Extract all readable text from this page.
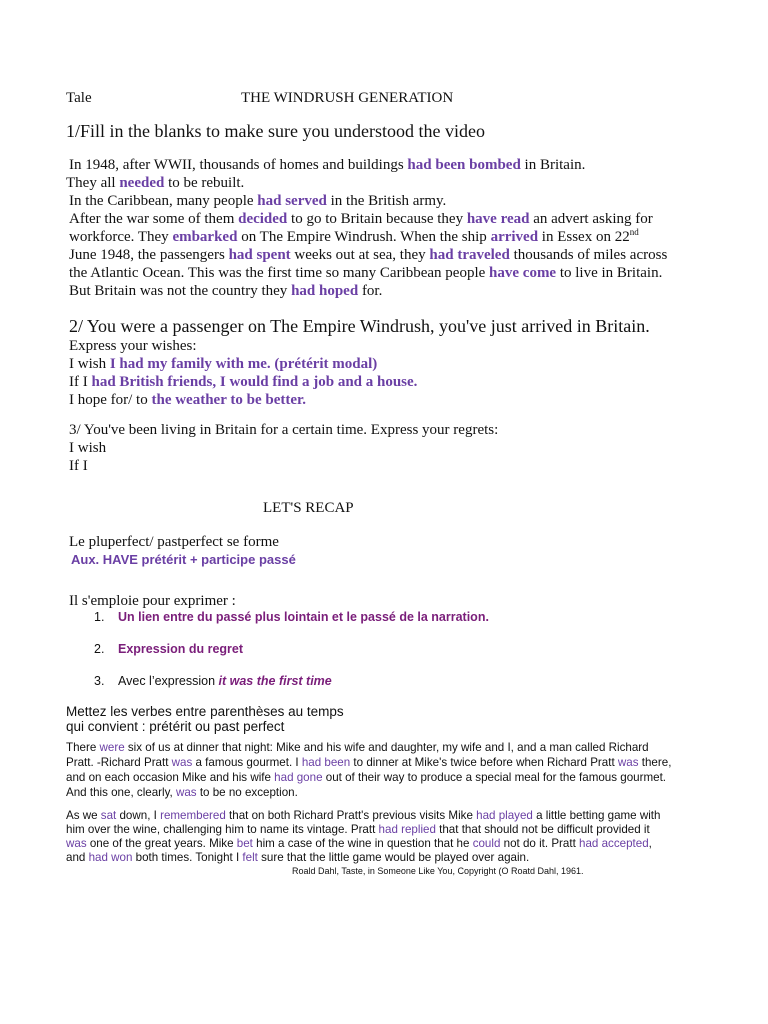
Tale	THE WINDRUSH GENERATION
1/Fill in the blanks to make sure you understood the video
In 1948, after WWII, thousands of homes and buildings had been bombed in Britain.
They all needed to be rebuilt.
In the Caribbean, many people had served in the British army.
After the war some of them decided to go to Britain because they have read an advert asking for
workforce. They embarked on The Empire Windrush. When the ship arrived in Essex on 22nd
June 1948, the passengers had spent weeks out at sea, they had traveled thousands of miles across
the Atlantic Ocean. This was the first time so many Caribbean people have come to live in Britain.
But Britain was not the country they had hoped for.
2/ You were a passenger on The Empire Windrush, you've just arrived in Britain.
Express your wishes:
I wish I had my family with me. (prétérit modal)
If I had British friends, I would find a job and a house.
I hope for/ to the weather to be better.
3/ You've been living in Britain for a certain time. Express your regrets:
I wish
If I
LET'S RECAP
Le pluperfect/ pastperfect se forme
Aux. HAVE prétérit + participe passé
Il s'emploie pour exprimer :
1. Un lien entre du passé plus lointain et le passé de la narration.
2. Expression du regret
3. Avec l’expression it was the first time
Mettez les verbes entre parenthèses au temps
qui convient : prétérit ou past perfect
There were six of us at dinner that night: Mike and his wife and daughter, my wife and I, and a man called Richard
Pratt. -Richard Pratt was a famous gourmet. I had been to dinner at Mike's twice before when Richard Pratt was there,
and on each occasion Mike and his wife had gone out of their way to produce a special meal for the famous gourmet.
And this one, clearly, was to be no exception.
As we sat down, I remembered that on both Richard Pratt's previous visits Mike had played a little betting game with
him over the wine, challenging him to name its vintage. Pratt had replied that that should not be difficult provided it
was one of the great years. Mike bet him a case of the wine in question that he could not do it. Pratt had accepted,
and had won both times. Tonight I felt sure that the little game would be played over again.
Roald Dahl, Taste, in Someone Like You, Copyright (O Roatd Dahl, 1961.
